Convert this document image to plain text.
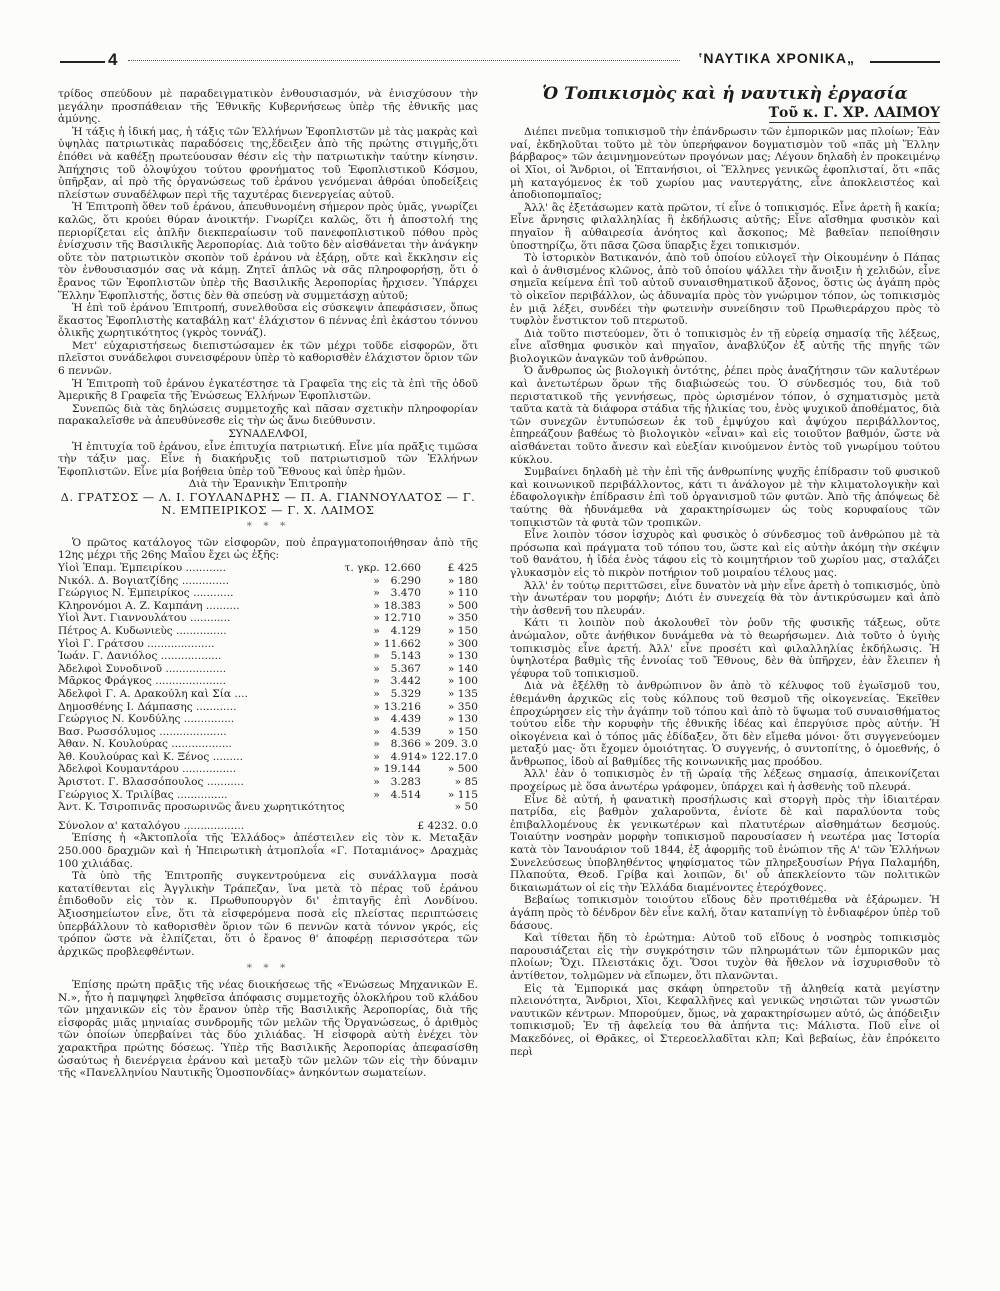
4	ʽΝΑΥΤΙΚΑ ΧΡΟΝΙΚΑ„

τρίδος σπεύδουν μὲ παραδειγματικὸν ἐνθουσιασμόν, νὰ ἐνισχύσουν τὴν μεγάλην προσπάθειαν τῆς Ἐθνικῆς Κυβερνήσεως ὑπὲρ τῆς ἐθνικῆς μας ἀμύνης.

Ἡ τάξις ἡ ἰδική μας, ἡ τάξις τῶν Ἑλλήνων Ἐφοπλιστῶν μὲ τὰς μακρὰς καὶ ὑψηλὰς πατριωτικὰς παραδόσεις της,ἔδειξεν ἀπὸ τῆς πρώτης στιγμῆς,ὅτι ἐπόθει νὰ καθέξῃ πρωτεύουσαν θέσιν εἰς τὴν πατριωτικὴν ταύτην κίνησιν. Ἀπήχησις τοῦ ὁλοψύχου τούτου φρονήματος τοῦ Ἐφοπλιστικοῦ Κόσμου, ὑπῆρξαν, αἱ πρὸ τῆς ὀργανώσεως τοῦ ἐράνου γενόμεναι ἀθρόαι ὑποδείξεις πλείστων συναδέλφων περὶ τῆς ταχυτέρας διενεργείας αὐτοῦ.

Ἡ Ἐπιτροπὴ ὅθεν τοῦ ἐράνου, ἀπευθυνομένη σήμερον πρὸς ὑμᾶς, γνωρίζει καλῶς, ὅτι κρούει θύραν ἀνοικτήν. Γνωρίζει καλῶς, ὅτι ἡ ἀποστολή της περιορίζεται εἰς ἁπλῆν διεκπεραίωσιν τοῦ πανεφοπλιστικοῦ πόθου πρὸς ἐνίσχυσιν τῆς Βασιλικῆς Ἀεροπορίας. Διὰ τοῦτο δὲν αἰσθάνεται τὴν ἀνάγκην οὔτε τὸν πατριωτικὸν σκοπὸν τοῦ ἐράνου νὰ ἐξάρῃ, οὔτε καὶ ἔκκλησιν εἰς τὸν ἐνθουσιασμόν σας νὰ κάμῃ. Ζητεῖ ἁπλῶς νὰ σᾶς πληροφορήσῃ, ὅτι ὁ ἔρανος τῶν Ἐφοπλιστῶν ὑπὲρ τῆς Βασιλικῆς Ἀεροπορίας ἤρχισεν. Ὑπάρχει Ἕλλην Ἐφοπλιστής, ὅστις δὲν θὰ σπεύσῃ νὰ συμμετάσχῃ αὐτοῦ;

Ἡ ἐπὶ τοῦ ἐράνου Ἐπιτροπή, συνελθοῦσα εἰς σύσκεψιν ἀπεφάσισεν, ὅπως ἕκαστος Ἐφοπλιστὴς καταβάλῃ κατ' ἐλάχιστον 6 πέννας ἐπὶ ἑκάστου τόννου ὁλικῆς χωρητικότητος (γκρὸς τοννάζ).

Μετ' εὐχαριστήσεως διεπιστώσαμεν ἐκ τῶν μέχρι τοῦδε εἰσφορῶν, ὅτι πλεῖστοι συνάδελφοι συνεισφέρουν ὑπὲρ τὸ καθορισθὲν ἐλάχιστον ὅριον τῶν 6 πεννῶν.

Ἡ Ἐπιτροπὴ τοῦ ἐράνου ἐγκατέστησε τὰ Γραφεῖα της εἰς τὰ ἐπὶ τῆς ὁδοῦ Ἀμερικῆς 8 Γραφεῖα τῆς Ἑνώσεως Ἑλλήνων Ἐφοπλιστῶν.

Συνεπῶς διὰ τὰς δηλώσεις συμμετοχῆς καὶ πᾶσαν σχετικὴν πληροφορίαν παρακαλεῖσθε νὰ ἀπευθύνεσθε εἰς τὴν ὡς ἄνω διεύθυνσιν.

ΣΥΝΑΔΕΛΦΟΙ,

Ἡ ἐπιτυχία τοῦ ἐράνου, εἶνε ἐπιτυχία πατριωτική. Εἶνε μία πρᾶξις τιμῶσα τὴν τάξιν μας. Εἶνε ἡ διακήρυξις τοῦ πατριωτισμοῦ τῶν Ἑλλήνων Ἐφοπλιστῶν. Εἶνε μία βοήθεια ὑπὲρ τοῦ Ἔθνους καὶ ὑπὲρ ἡμῶν.

Διὰ τὴν Ἐρανικὴν Ἐπιτροπὴν

Δ. ΓΡΑΤΣΟΣ — Λ. Ι. ΓΟΥΛΑΝΔΡΗΣ — Π. Α. ΓΙΑΝΝΟΥΛΑΤΟΣ — Γ. Ν. ΕΜΠΕΙΡΙΚΟΣ — Γ. Χ. ΛΑΙΜΟΣ

* * *

Ὁ πρῶτος κατάλογος τῶν εἰσφορῶν, ποὺ ἐπραγματοποιήθησαν ἀπὸ τῆς 12ης μέχρι τῆς 26ης Μαΐου ἔχει ὡς ἑξῆς:

Υἱοὶ Ἐπαμ. Ἐμπειρίκου ............	τ. γκρ.	12.660	£ 425
Νικόλ. Δ. Βογιατζίδης ..............	»	6.290	» 180
Γεώργιος Ν. Ἐμπειρίκος ............	»	3.470	» 110
Κληρονόμοι Α. Ζ. Καμπάνη ..........	»	18.383	» 500
Υἱοὶ Ἀντ. Γιαννουλάτου ............	»	12.710	» 350
Πέτρος Α. Κυδωνιεὺς ...............	»	4.129	» 150
Υἱοὶ Γ. Γράτσου ....................	»	11.662	» 300
Ἰωάν. Γ. Δανιόλος ..................	»	5.143	» 130
Ἀδελφοὶ Συνοδινοῦ ..................	»	5.367	» 140
Μᾶρκος Φράγκος .....................	»	3.442	» 100
Ἀδελφοὶ Γ. Α. Δρακούλη καὶ Σία ....	»	5.329	» 135
Δημοσθένης Ι. Δάμπασης ............	»	13.216	» 350
Γεώργιος Ν. Κονδύλης ...............	»	4.439	» 130
Βασ. Ρωσσόλυμος ....................	»	4.539	» 150
Ἀθαν. Ν. Κουλούρας ..................	»	8.366	» 209. 3.0
Ἀθ. Κουλούρας καὶ Κ. Ξένος .........	»	4.914	» 122.17.0
Ἀδελφοὶ Κουμαντάρου ................	»	19.144	» 500
Ἀριστοτ. Γ. Βλασσόπουλος ...........	»	3.283	» 85
Γεώργιος Χ. Τριλίβας ...............	»	4.514	» 115
Ἀντ. Κ. Τσιροπινᾶς προσωρινῶς ἄνευ χωρητικότητος			» 50

Σύνολον α' καταλόγου ..................	£ 4232. 0.0

Ἐπίσης ἡ «Ἀκτοπλοΐα τῆς Ἑλλάδος» ἀπέστειλεν εἰς τὸν κ. Μεταξᾶν 250.000 δραχμῶν καὶ ἡ Ἠπειρωτικὴ ἀτμοπλοΐα «Γ. Ποταμιάνος» Δραχμὰς 100 χιλιάδας.

Τὰ ὑπὸ τῆς Ἐπιτροπῆς συγκεντρούμενα εἰς συνάλλαγμα ποσὰ κατατίθενται εἰς Ἀγγλικὴν Τράπεζαν, ἵνα μετὰ τὸ πέρας τοῦ ἐράνου ἐπιδοθοῦν εἰς τὸν κ. Πρωθυπουργὸν δι' ἐπιταγῆς ἐπὶ Λονδίνου. Ἀξιοσημείωτον εἶνε, ὅτι τὰ εἰσφερόμενα ποσὰ εἰς πλείστας περιπτώσεις ὑπερβάλλουν τὸ καθορισθὲν ὅριον τῶν 6 πεννῶν κατὰ τόννον γκρός, εἰς τρόπον ὥστε νὰ ἐλπίζεται, ὅτι ὁ ἔρανος θ' ἀποφέρῃ περισσότερα τῶν ἀρχικῶς προβλεφθέντων.

* * *

Ἐπίσης πρώτη πρᾶξις τῆς νέας διοικήσεως τῆς «Ἑνώσεως Μηχανικῶν Ε. Ν.», ἦτο ἡ παμψηφεὶ ληφθεῖσα ἀπόφασις συμμετοχῆς ὁλοκλήρου τοῦ κλάδου τῶν μηχανικῶν εἰς τὸν ἔρανον ὑπὲρ τῆς Βασιλικῆς Ἀεροπορίας, διὰ τῆς εἰσφορᾶς μιᾶς μηνιαίας συνδρομῆς τῶν μελῶν τῆς Ὀργανώσεως, ὁ ἀριθμὸς τῶν ὁποίων ὑπερβαίνει τὰς δύο χιλιάδας. Ἡ εἰσφορὰ αὐτὴ ἐνέχει τὸν χαρακτῆρα πρώτης δόσεως. Ὑπὲρ τῆς Βασιλικῆς Ἀεροπορίας ἀπεφασίσθη ὡσαύτως ἡ διενέργεια ἐράνου καὶ μεταξὺ τῶν μελῶν τῶν εἰς τὴν δύναμιν τῆς «Πανελληνίου Ναυτικῆς Ὁμοσπονδίας» ἀνηκόντων σωματείων.

Ὁ Τοπικισμὸς καὶ ἡ ναυτικὴ ἐργασία
Τοῦ κ. Γ. ΧΡ. ΛΑΙΜΟΥ

Διέπει πνεῦμα τοπικισμοῦ τὴν ἐπάνδρωσιν τῶν ἐμπορικῶν μας πλοίων; Ἐὰν ναί, ἐκδηλοῦται τοῦτο μὲ τὸν ὑπερήφανον δογματισμὸν τοῦ «πᾶς μὴ Ἕλλην βάρβαρος» τῶν ἀειμνημονεύτων προγόνων μας; Λέγουν δηλαδὴ ἐν προκειμένῳ οἱ Χῖοι, οἱ Ἄνδριοι, οἱ Ἑπτανήσιοι, οἱ Ἕλληνες γενικῶς ἐφοπλισταί, ὅτι «πᾶς μὴ καταγόμενος ἐκ τοῦ χωρίου μας ναυτεργάτης, εἶνε ἀποκλειστέος καὶ ἀποδιοπομπαῖος;

Ἀλλ' ἂς ἐξετάσωμεν κατὰ πρῶτον, τί εἶνε ὁ τοπικισμός. Εἶνε ἀρετὴ ἢ κακία; Εἶνε ἄρνησις φιλαλληλίας ἢ ἐκδήλωσις αὐτῆς; Εἶνε αἴσθημα φυσικὸν καὶ πηγαῖον ἢ αὐθαιρεσία ἀνόητος καὶ ἄσκοπος; Μὲ βαθεῖαν πεποίθησιν ὑποστηρίζω, ὅτι πᾶσα ζῶσα ὕπαρξις ἔχει τοπικισμόν.

Τὸ ἱστορικὸν Βατικανόν, ἀπὸ τοῦ ὁποίου εὐλογεῖ τὴν Οἰκουμένην ὁ Πάπας καὶ ὁ ἀνθισμένος κλῶνος, ἀπὸ τοῦ ὁποίου ψάλλει τὴν ἄνοιξιν ἡ χελιδών, εἶνε σημεῖα κείμενα ἐπὶ τοῦ αὐτοῦ συναισθηματικοῦ ἄξονος, ὅστις ὡς ἀγάπη πρὸς τὸ οἰκεῖον περιβάλλον, ὡς ἀδυναμία πρὸς τὸν γνώριμον τόπον, ὡς τοπικισμὸς ἐν μιᾷ λέξει, συνδέει τὴν φωτεινὴν συνείδησιν τοῦ Πρωθιεράρχου πρὸς τὸ τυφλὸν ἔνστικτον τοῦ πτερωτοῦ.

Διὰ τοῦτο πιστεύομεν, ὅτι ὁ τοπικισμὸς ἐν τῇ εὐρείᾳ σημασίᾳ τῆς λέξεως, εἶνε αἴσθημα φυσικὸν καὶ πηγαῖον, ἀναβλύζον ἐξ αὐτῆς τῆς πηγῆς τῶν βιολογικῶν ἀναγκῶν τοῦ ἀνθρώπου.

Ὁ ἄνθρωπος ὡς βιολογικὴ ὀντότης, ῥέπει πρὸς ἀναζήτησιν τῶν καλυτέρων καὶ ἀνετωτέρων ὅρων τῆς διαβιώσεώς του. Ὁ σύνδεσμός του, διὰ τοῦ περιστατικοῦ τῆς γεννήσεως, πρὸς ὡρισμένον τόπον, ὁ σχηματισμὸς μετὰ ταῦτα κατὰ τὰ διάφορα στάδια τῆς ἡλικίας του, ἑνὸς ψυχικοῦ ἀποθέματος, διὰ τῶν συνεχῶν ἐντυπώσεων ἐκ τοῦ ἐμψύχου καὶ ἀψύχου περιβάλλοντος, ἐπηρεάζουν βαθέως τὸ βιολογικὸν «εἶναι» καὶ εἰς τοιοῦτον βαθμόν, ὥστε νὰ αἰσθάνεται τοῦτο ἄνεσιν καὶ εὐεξίαν κινούμενον ἐντὸς τοῦ γνωρίμου τούτου κύκλου.

Συμβαίνει δηλαδὴ μὲ τὴν ἐπὶ τῆς ἀνθρωπίνης ψυχῆς ἐπίδρασιν τοῦ φυσικοῦ καὶ κοινωνικοῦ περιβάλλοντος, κάτι τι ἀνάλογον μὲ τὴν κλιματολογικὴν καὶ ἐδαφολογικὴν ἐπίδρασιν ἐπὶ τοῦ ὀργανισμοῦ τῶν φυτῶν. Ἀπὸ τῆς ἀπόψεως δὲ ταύτης θὰ ἠδυνάμεθα νὰ χαρακτηρίσωμεν ὡς τοὺς κορυφαίους τῶν τοπικιστῶν τὰ φυτὰ τῶν τροπικῶν.

Εἶνε λοιπὸν τόσον ἰσχυρὸς καὶ φυσικὸς ὁ σύνδεσμος τοῦ ἀνθρώπου μὲ τὰ πρόσωπα καὶ πράγματα τοῦ τόπου του, ὥστε καὶ εἰς αὐτὴν ἀκόμη τὴν σκέψιν τοῦ θανάτου, ἡ ἰδέα ἑνὸς τάφου εἰς τὸ κοιμητήριον τοῦ χωρίου μας, σταλάζει γλυκασμὸν εἰς τὸ πικρὸν ποτήριον τοῦ μοιραίου τέλους μας.

Ἀλλ' ἐν τούτῳ περιττῶσει, εἶνε δυνατὸν νὰ μὴν εἶνε ἀρετὴ ὁ τοπικισμός, ὑπὸ τὴν ἀνωτέραν του μορφήν; Διότι ἐν συνεχείᾳ θὰ τὸν ἀντικρύσωμεν καὶ ἀπὸ τὴν ἀσθενῆ του πλευράν.

Κάτι τι λοιπὸν ποὺ ἀκολουθεῖ τὸν ῥοῦν τῆς φυσικῆς τάξεως, οὔτε ἀνώμαλον, οὔτε ἀνήθικον δυνάμεθα νὰ τὸ θεωρήσωμεν. Διὰ τοῦτο ὁ ὑγιὴς τοπικισμὸς εἶνε ἀρετή. Ἀλλ' εἶνε προσέτι καὶ φιλαλληλίας ἐκδήλωσις. Ἡ ὑψηλοτέρα βαθμὶς τῆς ἐννοίας τοῦ Ἔθνους, δὲν θὰ ὑπῆρχεν, ἐὰν ἔλειπεν ἡ γέφυρα τοῦ τοπικισμοῦ.

Διὰ νὰ ἐξέλθῃ τὸ ἀνθρώπινον ὂν ἀπὸ τὸ κέλυφος τοῦ ἐγωϊσμοῦ του, ἐθεμάνθη ἀρχικῶς εἰς τοὺς κόλπους τοῦ θεσμοῦ τῆς οἰκογενείας. Ἐκεῖθεν ἐπροχώρησεν εἰς τὴν ἀγάπην τοῦ τόπου καὶ ἀπὸ τὸ ὕψωμα τοῦ συναισθήματος τούτου εἶδε τὴν κορυφὴν τῆς ἐθνικῆς ἰδέας καὶ ἐπεργύισε πρὸς αὐτήν. Ἡ οἰκογένεια καὶ ὁ τόπος μᾶς ἐδίδαξεν, ὅτι δὲν εἴμεθα μόνοι· ὅτι συγγενεύομεν μεταξύ μας· ὅτι ἔχομεν ὁμοιότητας. Ὁ συγγενής, ὁ συντοπίτης, ὁ ὁμοεθνής, ὁ ἄνθρωπος, ἰδοὺ αἱ βαθμίδες τῆς κοινωνικῆς μας προόδου.

Ἀλλ' ἐὰν ὁ τοπικισμὸς ἐν τῇ ὡραίᾳ τῆς λέξεως σημασίᾳ, ἀπεικονίζεται προχείρως μὲ ὅσα ἀνωτέρω γράφομεν, ὑπάρχει καὶ ἡ ἀσθενὴς τοῦ πλευρά.

Εἶνε δὲ αὐτή, ἡ φανατικὴ προσήλωσις καὶ στοργὴ πρὸς τὴν ἰδιαιτέραν πατρίδα, εἰς βαθμὸν χαλαροῦντα, ἐνίοτε δὲ καὶ παραλύοντα τοὺς ἐπιβαλλομένους ἐκ γενικωτέρων καὶ πλατυτέρων αἰσθημάτων δεσμούς. Τοιαύτην νοσηρὰν μορφὴν τοπικισμοῦ παρουσίασεν ἡ νεωτέρα μας Ἱστορία κατὰ τὸν Ἰανουάριον τοῦ 1844, ἐξ ἀφορμῆς τοῦ ἐνώπιον τῆς Α' τῶν Ἑλλήνων Συνελεύσεως ὑποβληθέντος ψηφίσματος τῶν πληρεξουσίων Ρήγα Παλαμήδη, Πλαπούτα, Θεοδ. Γρίβα καὶ λοιπῶν, δι' οὗ ἀπεκλείοντο τῶν πολιτικῶν δικαιωμάτων οἱ εἰς τὴν Ἑλλάδα διαμένοντες ἑτερόχθονες.

Βεβαίως τοπικισμὸν τοιούτου εἴδους δὲν προτιθέμεθα νὰ ἐξάρωμεν. Ἡ ἀγάπη πρὸς τὸ δένδρον δὲν εἶνε καλή, ὅταν καταπνίγῃ τὸ ἐνδιαφέρον ὑπὲρ τοῦ δάσους.

Καὶ τίθεται ἤδη τὸ ἐρώτημα: Αὐτοῦ τοῦ εἴδους ὁ νοσηρὸς τοπικισμὸς παρουσιάζεται εἰς τὴν συγκρότησιν τῶν πληρωμάτων τῶν ἐμπορικῶν μας πλοίων; Ὄχι. Πλειστάκις ὄχι. Ὅσοι τυχὸν θὰ ἤθελον νὰ ἰσχυρισθοῦν τὸ ἀντίθετον, τολμῶμεν νὰ εἴπωμεν, ὅτι πλανῶνται.

Εἰς τὰ Ἐμπορικά μας σκάφη ὑπηρετοῦν τῇ ἀληθείᾳ κατὰ μεγίστην πλειονότητα, Ἄνδριοι, Χῖοι, Κεφαλλῆνες καὶ γενικῶς νησιῶται τῶν γνωστῶν ναυτικῶν κέντρων. Μπορούμεν, ὅμως, νὰ χαρακτηρίσωμεν αὐτό, ὡς ἀπόδειξιν τοπικισμοῦ; Ἐν τῇ ἀφελείᾳ του θὰ ἀπήντα τις: Μάλιστα. Ποῦ εἶνε οἱ Μακεδόνες, οἱ Θρᾶκες, οἱ Στερεοελλαδῖται κλπ; Καὶ βεβαίως, ἐὰν ἐπρόκειτο περὶ
